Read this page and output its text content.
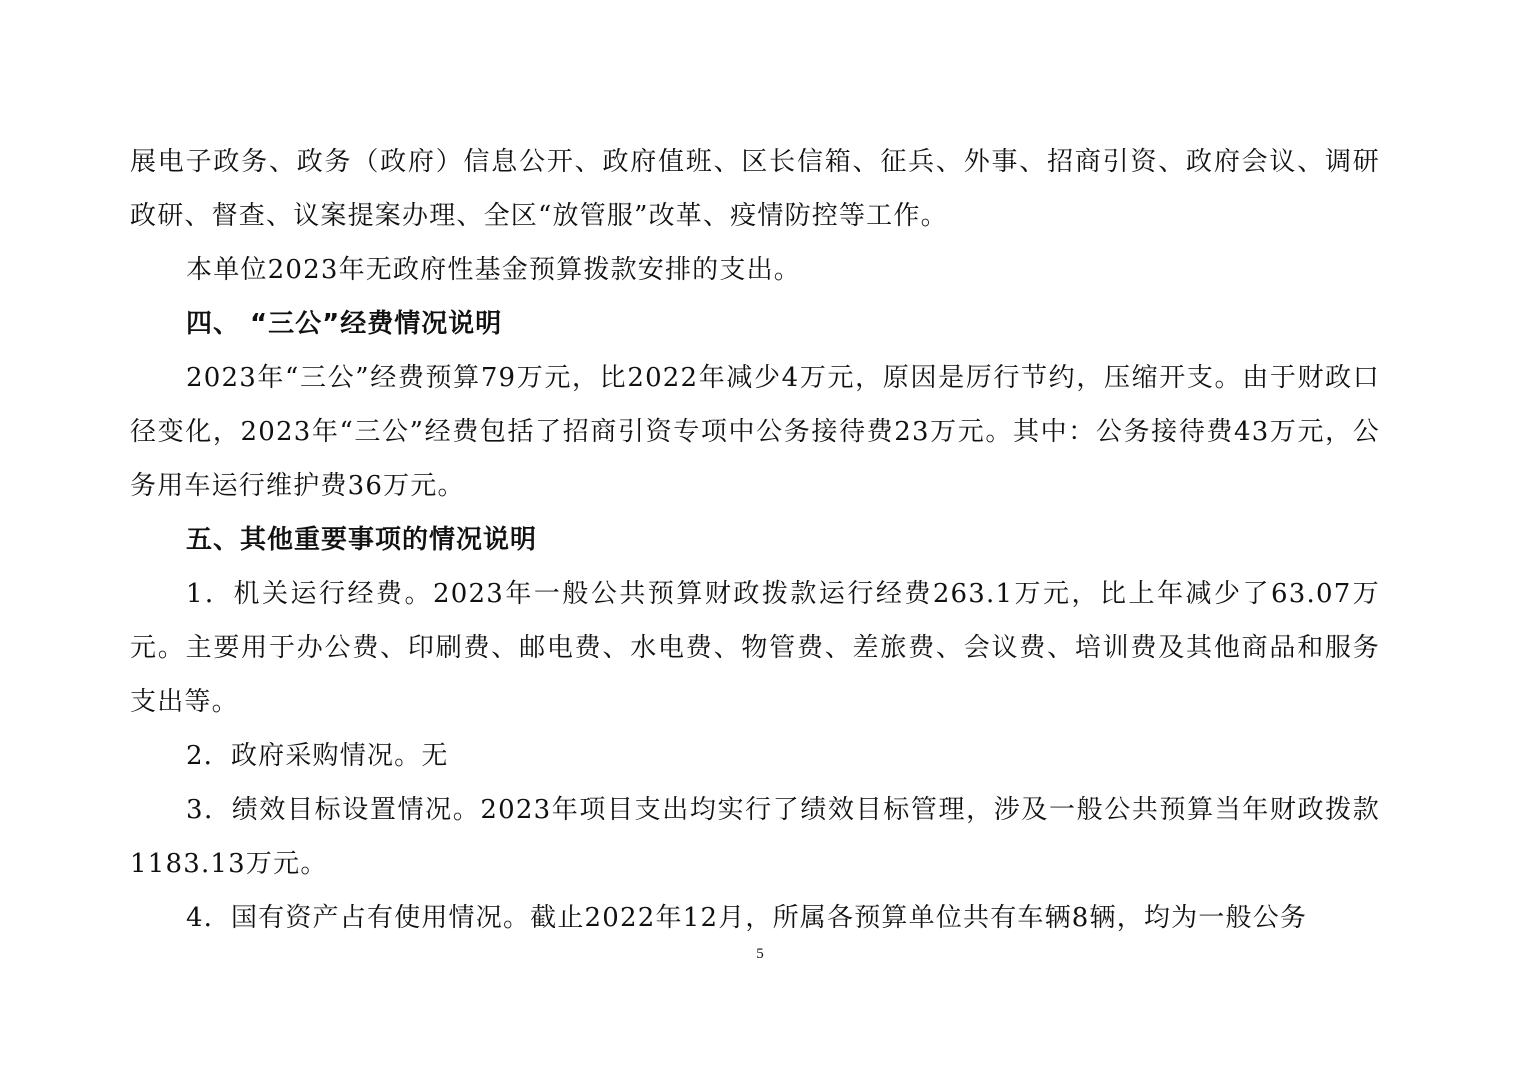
展电子政务、政务（政府）信息公开、政府值班、区长信箱、征兵、外事、招商引资、政府会议、调研政研、督查、议案提案办理、全区“放管服”改革、疫情防控等工作。

本单位2023年无政府性基金预算拨款安排的支出。

四、 “三公”经费情况说明

2023年“三公”经费预算79万元，比2022年减少4万元，原因是厉行节约，压缩开支。由于财政口径变化，2023年“三公”经费包括了招商引资专项中公务接待费23万元。其中：公务接待费43万元，公务用车运行维护费36万元。

五、其他重要事项的情况说明

1．机关运行经费。2023年一般公共预算财政拨款运行经费263.1万元，比上年减少了63.07万元。主要用于办公费、印刷费、邮电费、水电费、物管费、差旅费、会议费、培训费及其他商品和服务支出等。

2．政府采购情况。无

3．绩效目标设置情况。2023年项目支出均实行了绩效目标管理，涉及一般公共预算当年财政拨款1183.13万元。

4．国有资产占有使用情况。截止2022年12月，所属各预算单位共有车辆8辆，均为一般公务

5
